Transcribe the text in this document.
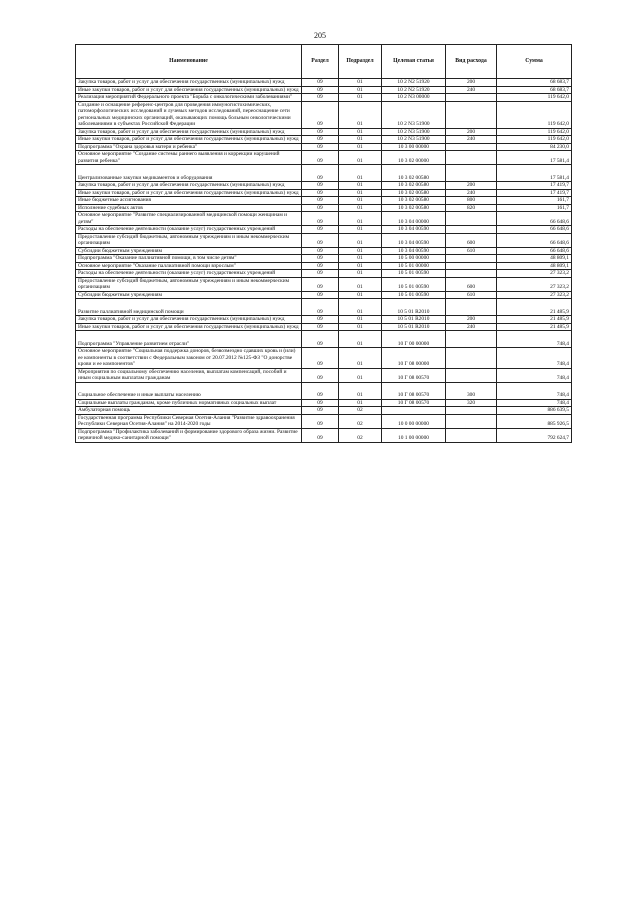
205
Наименование	Раздел	Подраздел	Целевая статья	Вид расхода	Сумма
Закупка товаров, работ и услуг для обеспечения государственных (муниципальных) нужд	09	01	10 2 N2 51920	200	68 683,7
Иные закупки товаров, работ и услуг для обеспечения государственных (муниципальных) нужд	09	01	10 2 N2 51920	240	68 683,7
Реализация мероприятий Федерального проекта "Борьба с онкологическими заболеваниями"	09	01	10 2 N3 00000		119 642,0
Создание и оснащение референс-центров для проведения иммуногистохимических, патоморфологических исследований и лучевых методов исследований, переоснащение сети региональных медицинских организаций, оказывающих помощь больным онкологическими заболеваниями в субъектах Российской Федерации	09	01	10 2 N3 51900		119 642,0
Закупка товаров, работ и услуг для обеспечения государственных (муниципальных) нужд	09	01	10 2 N3 51900	200	119 642,0
Иные закупки товаров, работ и услуг для обеспечения государственных (муниципальных) нужд	09	01	10 2 N3 51900	240	119 642,0
Подпрограмма "Охрана здоровья матери и ребенка"	09	01	10 3 00 00000		84 230,0
Основное мероприятие "Создание системы раннего выявления и коррекции нарушений развития ребенка"	09	01	10 3 02 00000		17 581,4
Централизованные закупки медикаментов и оборудования	09	01	10 3 02 00580		17 581,4
Закупка товаров, работ и услуг для обеспечения государственных (муниципальных) нужд	09	01	10 3 02 00580	200	17 419,7
Иные закупки товаров, работ и услуг для обеспечения государственных (муниципальных) нужд	09	01	10 3 02 00580	240	17 419,7
Иные бюджетные ассигнования	09	01	10 3 02 00580	800	161,7
Исполнение судебных актов	09	01	10 3 02 00580	820	161,7
Основное мероприятие "Развитие специализированной медицинской помощи женщинам и детям"	09	01	10 3 04 00000		66 648,6
Расходы на обеспечение деятельности (оказание услуг) государственных учреждений	09	01	10 3 04 00590		66 648,6
Предоставление субсидий бюджетным, автономным учреждениям и иным некоммерческим организациям	09	01	10 3 04 00590	600	66 648,6
Субсидии бюджетным учреждениям	09	01	10 3 04 00590	610	66 648,6
Подпрограмма "Оказание паллиативной помощи, в том числе детям"	09	01	10 5 00 00000		48 809,1
Основное мероприятие "Оказание паллиативной помощи взрослым"	09	01	10 5 01 00000		48 809,1
Расходы на обеспечение деятельности (оказание услуг) государственных учреждений	09	01	10 5 01 00590		27 323,2
Предоставление субсидий бюджетным, автономным учреждениям и иным некоммерческим организациям	09	01	10 5 01 00590	600	27 323,2
Субсидии бюджетным учреждениям	09	01	10 5 01 00590	610	27 323,2
Развитие паллиативной медицинской помощи	09	01	10 5 01 R2010		21 485,9
Закупка товаров, работ и услуг для обеспечения государственных (муниципальных) нужд	09	01	10 5 01 R2010	200	21 485,9
Иные закупки товаров, работ и услуг для обеспечения государственных (муниципальных) нужд	09	01	10 5 01 R2010	240	21 485,9
Подпрограмма "Управление развитием отрасли"	09	01	10 Г 00 00000		748,4
Основное мероприятие "Социальная поддержка доноров, безвозмездно сдавших кровь и (или) ее компоненты в соответствии с Федеральным законом от 20.07.2012 №125-ФЗ "О донорстве крови и ее компонентов"	09	01	10 Г 08 00000		748,4
Мероприятия по социальному обеспечению населения, выплатам компенсаций, пособий и иным социальным выплатам гражданам	09	01	10 Г 08 00570		748,4
Социальное обеспечение и иные выплаты населению	09	01	10 Г 08 00570	300	748,4
Социальные выплаты гражданам, кроме публичных нормативных социальных выплат	09	01	10 Г 08 00570	320	748,4
Амбулаторная помощь	09	02			886 639,5
Государственная программа Республики Северная Осетия-Алания "Развитие здравоохранения Республики Северная Осетия-Алания" на 2014-2020 годы	09	02	10 0 00 00000		885 926,5
Подпрограмма "Профилактика заболеваний и формирование здорового образа жизни. Развитие первичной медико-санитарной помощи"	09	02	10 1 00 00000		792 624,7
